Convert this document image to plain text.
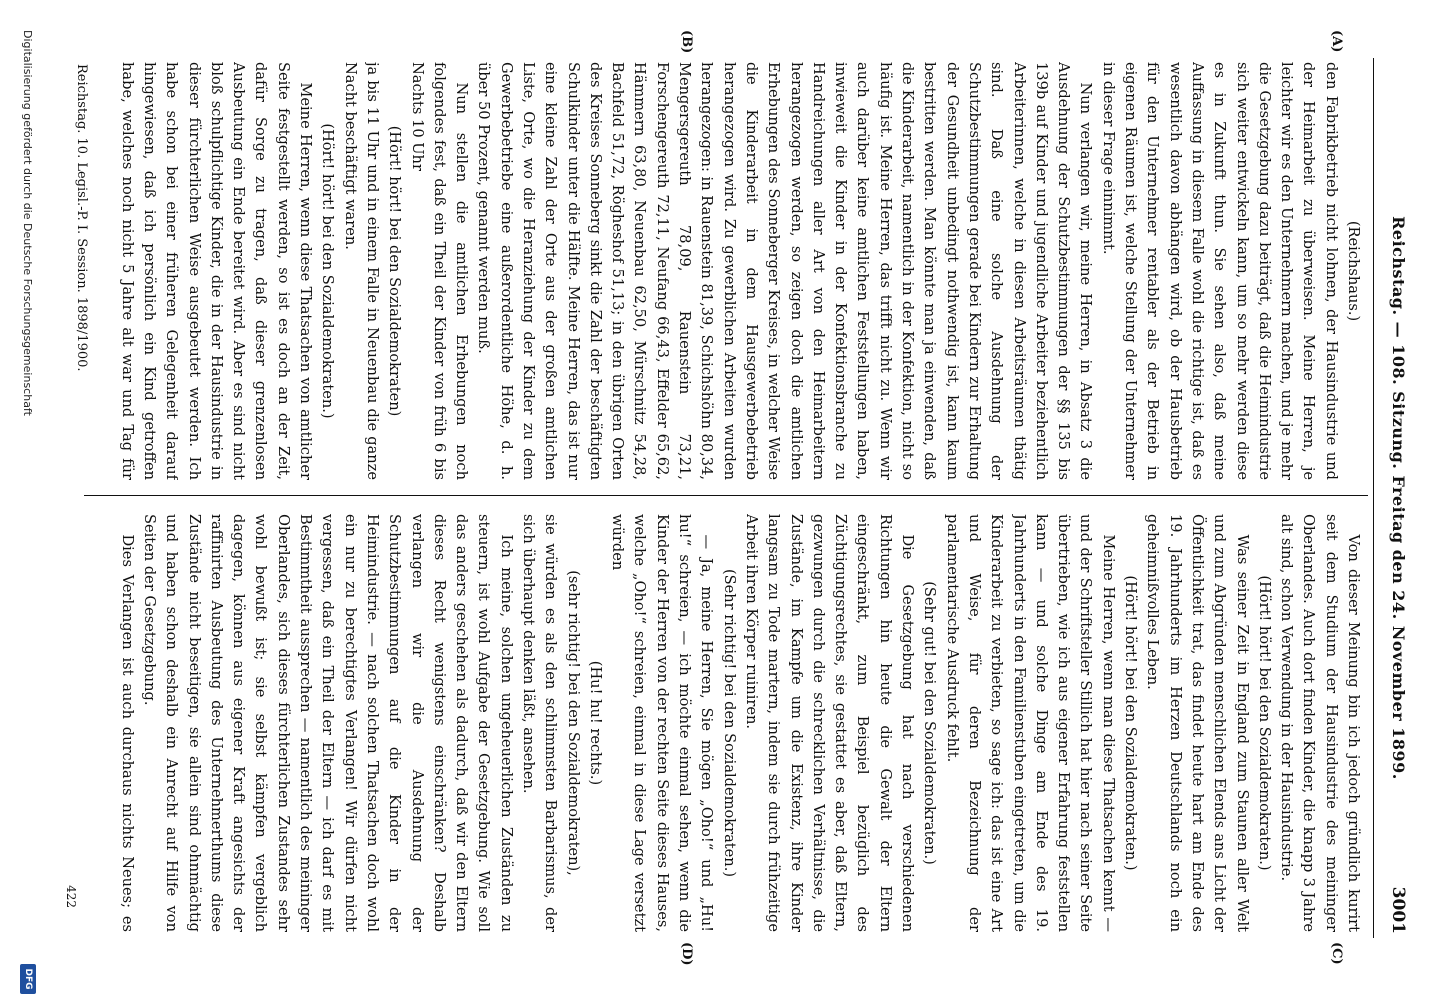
Reichstag. — 108. Sitzung. Freitag den 24. November 1899.
3001
(A)
(B)
(C)
(D)

(Reichshaus.)

den Fabrikbetrieb nicht lohnen, der Hausindustrie und der Heimarbeit zu überweisen. Meine Herren, je leichter wir es den Unternehmern machen, und je mehr die Gesetzgebung dazu beiträgt, daß die Heimindustrie sich weiter entwickeln kann, um so mehr werden diese es in Zukunft thun. Sie sehen also, daß meine Auffassung in diesem Falle wohl die richtige ist, daß es wesentlich davon abhängen wird, ob der Hausbetrieb für den Unternehmer rentabler als der Betrieb in eigenen Räumen ist, welche Stellung der Unternehmer in dieser Frage einnimmt.

Nun verlangen wir, meine Herren, in Absatz 3 die Ausdehnung der Schutzbestimmungen der §§ 135 bis 139b auf Kinder und jugendliche Arbeiter beziehentlich Arbeiterinnen, welche in diesen Arbeitsräumen thätig sind. Daß eine solche Ausdehnung der Schutzbestimmungen gerade bei Kindern zur Erhaltung der Gesundheit unbedingt nothwendig ist, kann kaum bestritten werden. Man könnte man ja einwenden, daß die Kinderarbeit, namentlich in der Konfektion, nicht so häufig ist. Meine Herren, das trifft nicht zu. Wenn wir auch darüber keine amtlichen Feststellungen haben, inwieweit die Kinder in der Konfektionsbranche zu Handreichungen aller Art von den Heimarbeitern herangezogen werden, so zeigen doch die amtlichen Erhebungen des Sonneberger Kreises, in welcher Weise die Kinderarbeit in dem Hausgewerbebetrieb herangezogen wird. Zu gewerblichen Arbeiten wurden herangezogen: in Rauenstein 81,39, Schichshöhn 80,34, Mengersgereuth 78,09, Rauenstein 73,21, Forschengereuth 72,11, Neufang 66,43, Effelder 65,62, Hämmern 63,80, Neuenbau 62,50, Mürschnitz 54,28, Bachfeld 51,72, Rögheshof 51,13; in den übrigen Orten des Kreises Sonneberg sinkt die Zahl der beschäftigten Schulkinder unter die Hälfte. Meine Herren, das ist nur eine kleine Zahl der Orte aus der großen amtlichen Liste, Orte, wo die Heranziehung der Kinder zu dem Gewerbebetriebe eine außerordentliche Höhe, d. h. über 50 Prozent, genannt werden muß.

Nun stellen die amtlichen Erhebungen noch folgendes fest, daß ein Theil der Kinder von früh 6 bis Nachts 10 Uhr

(Hört! hört! bei den Sozialdemokraten)

ja bis 11 Uhr und in einem Falle in Neuenbau die ganze Nacht beschäftigt waren.

(Hört! hört! bei den Sozialdemokraten.)

Meine Herren, wenn diese Thatsachen von amtlicher Seite festgestellt werden, so ist es doch an der Zeit, dafür Sorge zu tragen, daß dieser grenzenlosen Ausbeutung ein Ende bereitet wird. Aber es sind nicht bloß schulpflichtige Kinder, die in der Hausindustrie in dieser fürchterlichen Weise ausgebeutet werden. Ich habe schon bei einer früheren Gelegenheit darauf hingewiesen, daß ich persönlich ein Kind getroffen habe, welches noch nicht 5 Jahre alt war und Tag für

Von dieser Meinung bin ich jedoch gründlich kurirt seit dem Studium der Hausindustrie des meininger Oberlandes. Auch dort finden Kinder, die knapp 3 Jahre alt sind, schon Verwendung in der Hausindustrie.

(Hört! hört! bei den Sozialdemokraten.)

Was seiner Zeit in England zum Staunen aller Welt und zum Abgründen menschlichen Elends ans Licht der Öffentlichkeit trat, das findet heute hart am Ende des 19. Jahrhunderts im Herzen Deutschlands noch ein geheimnißvolles Leben.

(Hört! hört! bei den Sozialdemokraten.)

Meine Herren, wenn man diese Thatsachen kennt — und der Schriftsteller Stillich hat hier nach seiner Seite übertrieben, wie ich aus eigener Erfahrung feststellen kann — und solche Dinge am Ende des 19. Jahrhunderts in den Familienstuben eingetreten, um die Kinderarbeit zu verbieten, so sage ich: das ist eine Art und Weise, für deren Bezeichnung der parlamentarische Ausdruck fehlt.

(Sehr gut! bei den Sozialdemokraten.)

Die Gesetzgebung hat nach verschiedenen Richtungen hin heute die Gewalt der Eltern eingeschränkt, zum Beispiel bezüglich des Züchtigungsrechtes, sie gestattet es aber, daß Eltern, gezwungen durch die schrecklichen Verhältnisse, die Zustände, im Kampfe um die Existenz, ihre Kinder langsam zu Tode martern, indem sie durch frühzeitige Arbeit ihren Körper ruiniren.

(Sehr richtig! bei den Sozialdemokraten.)

— Ja, meine Herren, Sie mögen „Oho!“ und „Hu! hu!“ schreien, — ich möchte einmal sehen, wenn die Kinder der Herren von der rechten Seite dieses Hauses, welche „Oho!“ schreien, einmal in diese Lage versetzt würden

(Hu! hu! rechts.)

(sehr richtig! bei den Sozialdemokraten),

sie würden es als den schlimmsten Barbarismus, der sich überhaupt denken läßt, ansehen.

Ich meine, solchen ungeheuerlichen Zuständen zu steuern, ist wohl Aufgabe der Gesetzgebung. Wie soll das anders geschehen als dadurch, daß wir den Eltern dieses Recht wenigstens einschränken? Deshalb verlangen wir die Ausdehnung der Schutzbestimmungen auf die Kinder in der Heimindustrie. — nach solchen Thatsachen doch wohl ein nur zu berechtigtes Verlangen! Wir dürfen nicht vergessen, daß ein Theil der Eltern — ich darf es mit Bestimmtheit aussprechen — namentlich des meininger Oberlandes, sich dieses fürchterlichen Zustandes sehr wohl bewußt ist; sie selbst kämpfen vergeblich dagegen, können aus eigener Kraft angesichts der raffinirten Ausbeutung des Unternehmerthums diese Zustände nicht beseitigen, sie allein sind ohnmächtig und haben schon deshalb ein Anrecht auf Hilfe von Seiten der Gesetzgebung.

Dies Verlangen ist auch durchaus nichts Neues; es

Reichstag. 10. Legisl.-P. I. Session. 1898/1900.
422
Digitalisierung gefördert durch die Deutsche Forschungsgemeinschaft
DFG
